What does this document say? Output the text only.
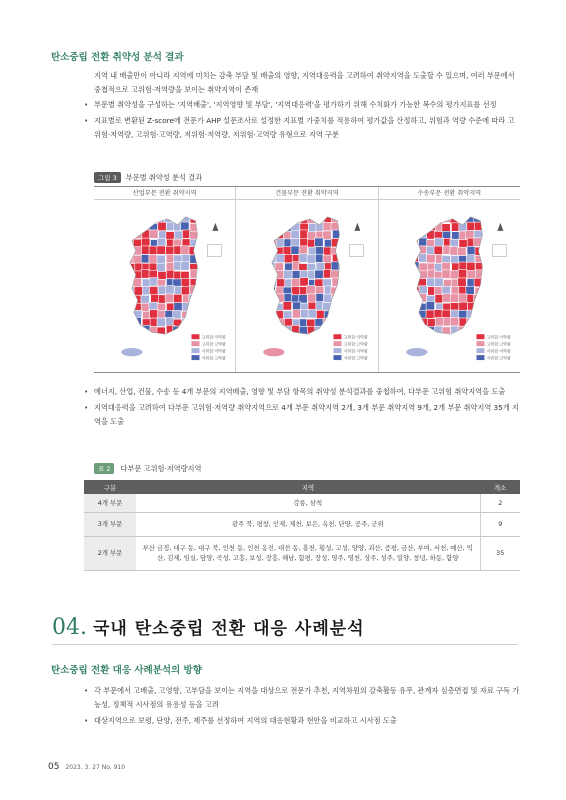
탄소중립 전환 취약성 분석 결과

지역 내 배출만이 아니라 지역에 미치는 감축 부담 및 배출의 영향, 지역대응력을 고려하여 취약지역을 도출할 수 있으며, 여러 부문에서 중첩적으로 고위험·저역량을 보이는 취약지역이 존재

• 부문별 취약성을 구성하는 '지역배출', '지역영향 및 부담', '지역대응력'을 평가하기 위해 수치화가 가능한 복수의 평가지표를 선정
• 지표별로 변환된 Z-score에 전문가 AHP 설문조사로 설정한 지표별 가중치를 적용하여 평가값을 산정하고, 위험과 역량 수준에 따라 고위험·저역량, 고위험·고역량, 저위험·저역량, 저위험·고역량 유형으로 지역 구분
그림 3	부문별 취약성 분석 결과
산업부문 전환 취약지역
고위험·저역량
고위험·고역량
저위험·저역량
저위험·고역량
건물부문 전환 취약지역
고위험·저역량
고위험·고역량
저위험·저역량
저위험·고역량
수송부문 전환 취약지역
고위험·저역량
고위험·고역량
저위험·저역량
저위험·고역량
• 에너지, 산업, 건물, 수송 등 4개 부문의 지역배출, 영향 및 부담 항목의 취약성 분석결과를 중첩하여, 다부문 고위험 취약지역을 도출
• 지역대응력을 고려하여 다부문 고위험·저역량 취약지역으로 4개 부문 취약지역 2개, 3개 부문 취약지역 9개, 2개 부문 취약지역 35개 지역을 도출
표 2	다부문 고위험·저역량지역
구분	지역	개소
4개 부문	강릉, 삼척	2
3개 부문	광주 북, 평창, 인제, 제천, 보은, 옥천, 단양, 공주, 군위	9
2개 부문	부산 금정, 대구 동, 대구 북, 인천 동, 인천 옹진, 대전 동, 홍천, 횡성, 고성, 양양, 괴산, 증평, 금산, 부여, 서천, 예산, 익산, 김제, 임실, 담양, 곡성, 고흥, 보성, 장흥, 해남, 함평, 장성, 영주, 영천, 상주, 성주, 밀양, 창녕, 하동, 함양	35
04. 국내 탄소중립 전환 대응 사례분석
탄소중립 전환 대응 사례분석의 방향
• 각 부문에서 고배출, 고영향, 고부담을 보이는 지역을 대상으로 전문가 추천, 지역차원의 감축활동 유무, 관계자 심층면접 및 자료 구득 가능성, 정책적 시사점의 유용성 등을 고려
• 대상지역으로 보령, 단양, 전주, 제주를 선정하여 지역의 대응현황과 현안을 비교하고 시사점 도출
05 2023. 3. 27 No. 910
